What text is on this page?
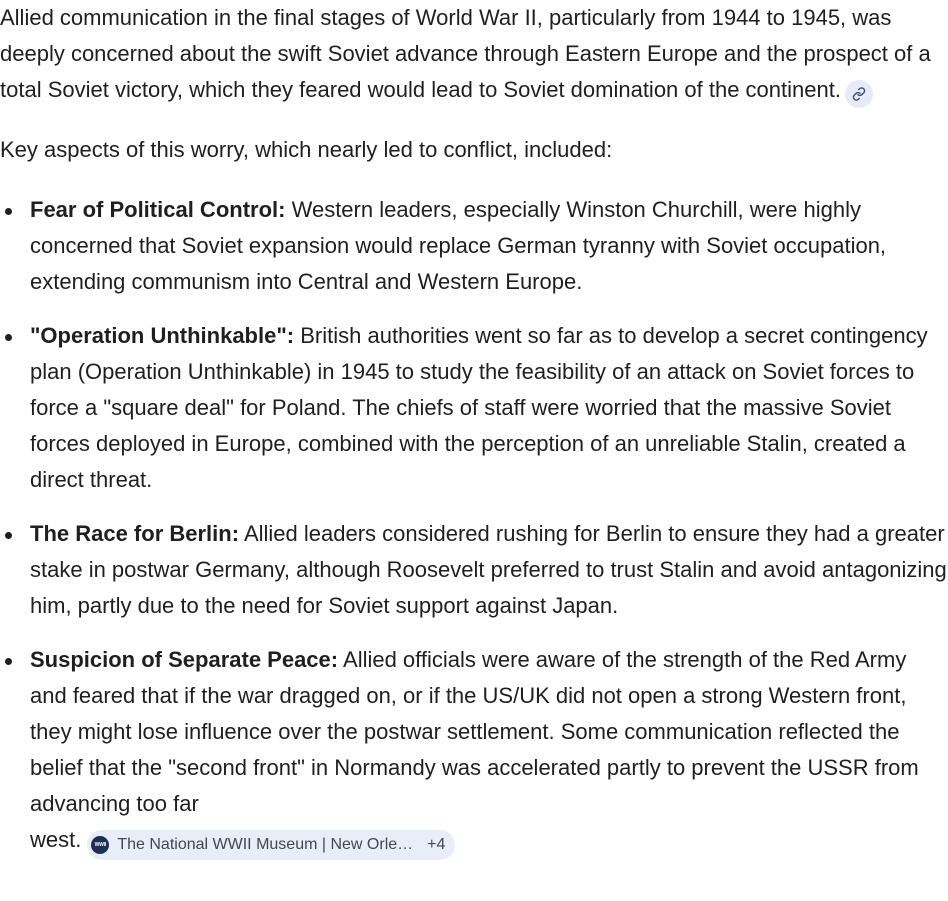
Allied communication in the final stages of World War II, particularly from 1944 to 1945, was deeply concerned about the swift Soviet advance through Eastern Europe and the prospect of a total Soviet victory, which they feared would lead to Soviet domination of the continent.

Key aspects of this worry, which nearly led to conflict, included:

Fear of Political Control: Western leaders, especially Winston Churchill, were highly concerned that Soviet expansion would replace German tyranny with Soviet occupation, extending communism into Central and Western Europe.
"Operation Unthinkable": British authorities went so far as to develop a secret contingency plan (Operation Unthinkable) in 1945 to study the feasibility of an attack on Soviet forces to force a "square deal" for Poland. The chiefs of staff were worried that the massive Soviet forces deployed in Europe, combined with the perception of an unreliable Stalin, created a direct threat.
The Race for Berlin: Allied leaders considered rushing for Berlin to ensure they had a greater stake in postwar Germany, although Roosevelt preferred to trust Stalin and avoid antagonizing him, partly due to the need for Soviet support against Japan.
Suspicion of Separate Peace: Allied officials were aware of the strength of the Red Army and feared that if the war dragged on, or if the US/UK did not open a strong Western front, they might lose influence over the postwar settlement. Some communication reflected the belief that the "second front" in Normandy was accelerated partly to prevent the USSR from advancing too far
west.	WWII The National WWII Museum | New Orle… +4
